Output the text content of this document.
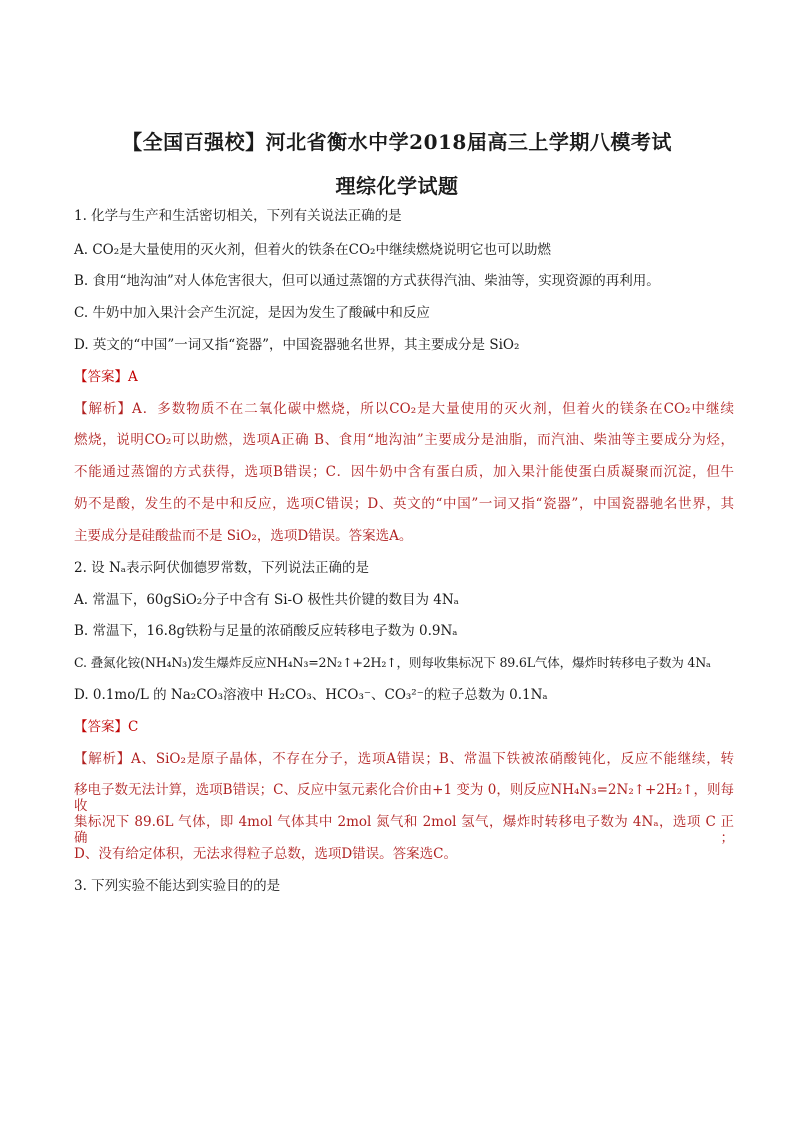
【全国百强校】河北省衡水中学2018届高三上学期八模考试
理综化学试题
1. 化学与生产和生活密切相关，下列有关说法正确的是
A. CO₂是大量使用的灭火剂，但着火的铁条在CO₂中继续燃烧说明它也可以助燃
B. 食用“地沟油”对人体危害很大，但可以通过蒸馏的方式获得汽油、柴油等，实现资源的再利用。
C. 牛奶中加入果汁会产生沉淀，是因为发生了酸碱中和反应
D. 英文的“中国”一词又指“瓷器”，中国瓷器驰名世界，其主要成分是 SiO₂
【答案】A
【解析】A．多数物质不在二氧化碳中燃烧，所以CO₂是大量使用的灭火剂，但着火的镁条在CO₂中继续
燃烧，说明CO₂可以助燃，选项A正确 B、食用“地沟油”主要成分是油脂，而汽油、柴油等主要成分为烃，
不能通过蒸馏的方式获得，选项B错误；C．因牛奶中含有蛋白质，加入果汁能使蛋白质凝聚而沉淀，但牛
奶不是酸，发生的不是中和反应，选项C错误；D、英文的“中国”一词又指“瓷器”，中国瓷器驰名世界，其
主要成分是硅酸盐而不是 SiO₂，选项D错误。答案选A。
2. 设 Nₐ表示阿伏伽德罗常数，下列说法正确的是
A. 常温下，60gSiO₂分子中含有 Si-O 极性共价键的数目为 4Nₐ
B. 常温下，16.8g铁粉与足量的浓硝酸反应转移电子数为 0.9Nₐ
C. 叠氮化铵(NH₄N₃)发生爆炸反应NH₄N₃=2N₂↑+2H₂↑，则每收集标况下 89.6L气体，爆炸时转移电子数为 4Nₐ
D. 0.1mo/L 的 Na₂CO₃溶液中 H₂CO₃、HCO₃⁻、CO₃²⁻的粒子总数为 0.1Nₐ
【答案】C
【解析】A、SiO₂是原子晶体，不存在分子，选项A错误；B、常温下铁被浓硝酸钝化，反应不能继续，转
移电子数无法计算，选项B错误；C、反应中氢元素化合价由+1 变为 0，则反应NH₄N₃=2N₂↑+2H₂↑，则每收
集标况下 89.6L 气体，即 4mol 气体其中 2mol 氮气和 2mol 氢气，爆炸时转移电子数为 4Nₐ，选项 C 正确；
D、没有给定体积，无法求得粒子总数，选项D错误。答案选C。
3. 下列实验不能达到实验目的的是
